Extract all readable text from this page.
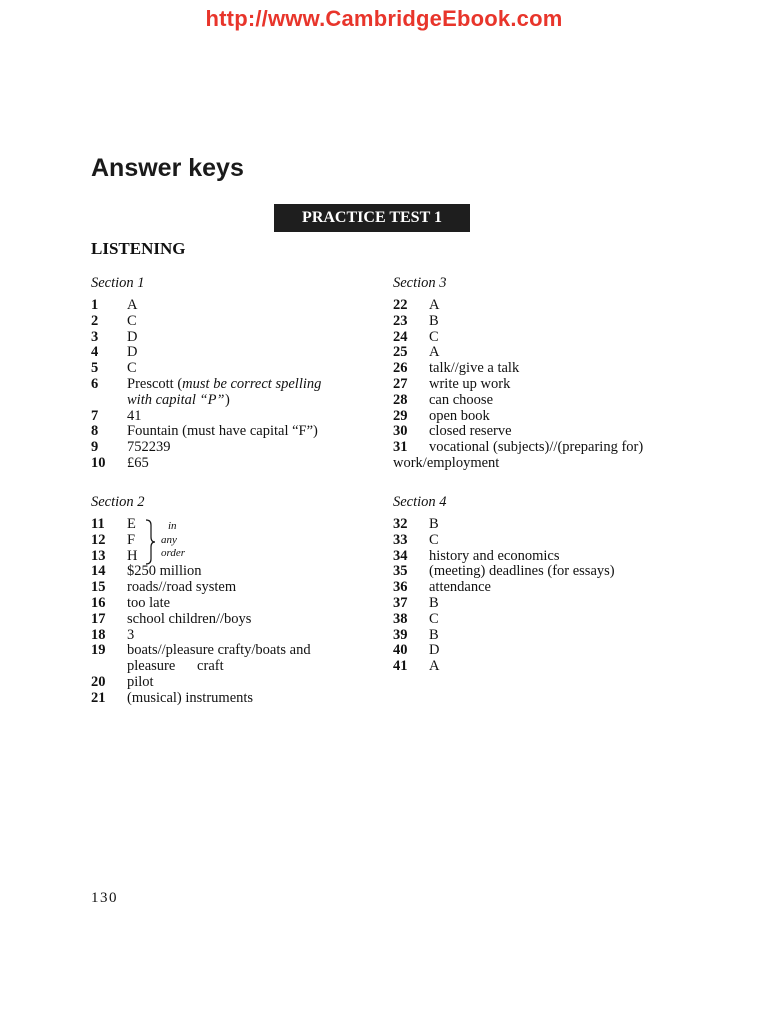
http://www.CambridgeEbook.com
Answer keys
PRACTICE TEST 1
LISTENING
Section 1
1 A
2 C
3 D
4 D
5 C
6 Prescott (must be correct spelling
with capital “P” )
7 41
8 Fountain (must have capital “F”)
9 752239
10 £65
Section 2
11 E
12 F
13 H
14 $250 million
15 roads//road system
16 too late
17 school children//boys
18 3
19 boats//pleasure crafty/boats and
pleasure      craft
20 pilot
21 (musical) instruments
in
any
order
Section 3
22 A
23 B
24 C
25 A
26 talk//give a talk
27 write up work
28 can choose
29 open book
30 closed reserve
31 vocational (subjects)//(preparing for)
work/employment
Section 4
32 B
33 C
34 history and economics
35 (meeting) deadlines (for essays)
36 attendance
37 B
38 C
39 B
40 D
41 A
130
